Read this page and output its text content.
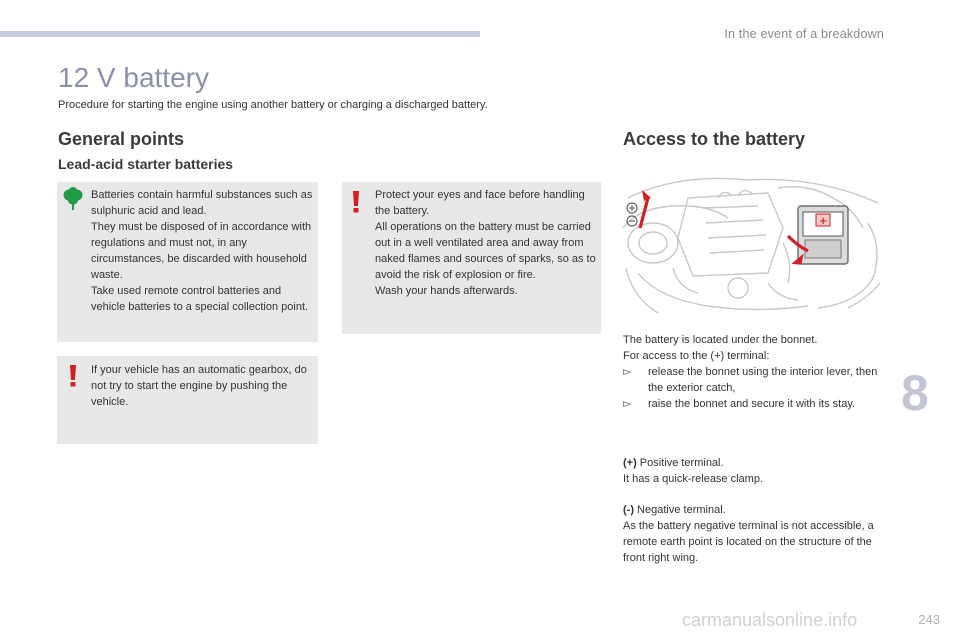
In the event of a breakdown
12 V battery
Procedure for starting the engine using another battery or charging a discharged battery.
General points
Lead-acid starter batteries

Batteries contain harmful substances such as sulphuric acid and lead.
They must be disposed of in accordance with regulations and must not, in any circumstances, be discarded with household waste.
Take used remote control batteries and vehicle batteries to a special collection point.

Protect your eyes and face before handling the battery.
All operations on the battery must be carried out in a well ventilated area and away from naked flames and sources of sparks, so as to avoid the risk of explosion or fire.
Wash your hands afterwards.

If your vehicle has an automatic gearbox, do not try to start the engine by pushing the vehicle.

Access to the battery
+
The battery is located under the bonnet.
For access to the (+) terminal:
▻	release the bonnet using the interior lever, then the exterior catch,
▻	raise the bonnet and secure it with its stay.
(+) Positive terminal.
It has a quick-release clamp.
(-) Negative terminal.
As the battery negative terminal is not accessible, a remote earth point is located on the structure of the front right wing.
8
carmanualsonline.info	243
